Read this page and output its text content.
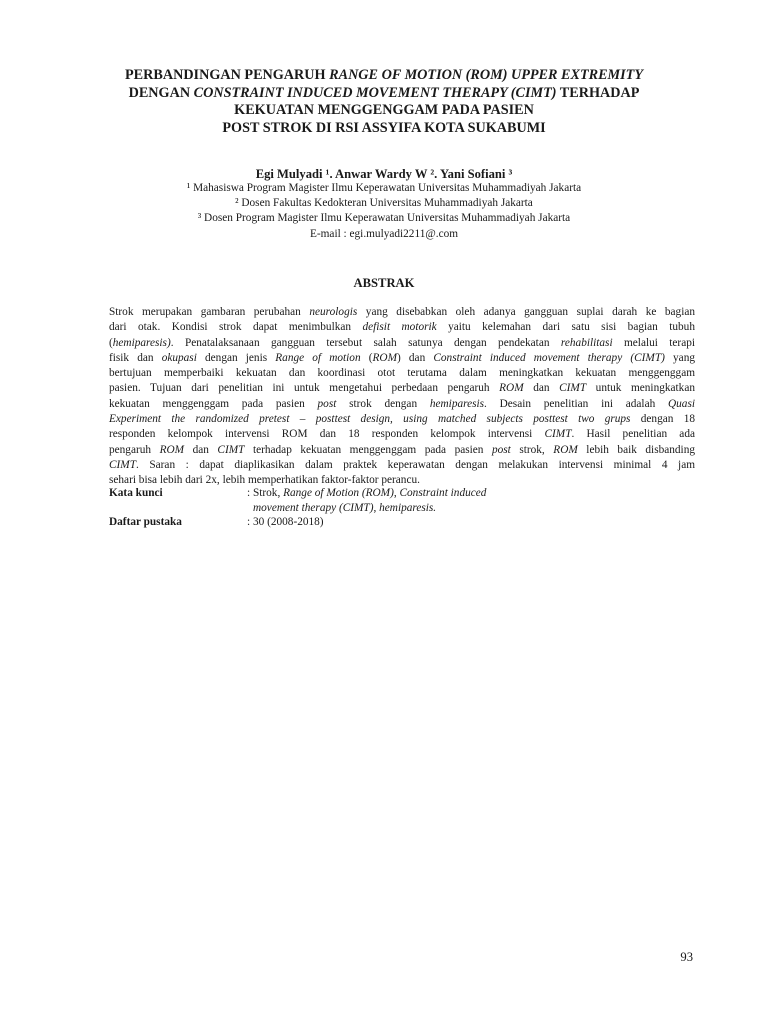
PERBANDINGAN PENGARUH RANGE OF MOTION (ROM) UPPER EXTREMITY
DENGAN CONSTRAINT INDUCED MOVEMENT THERAPY (CIMT) TERHADAP
KEKUATAN MENGGENGGAM PADA PASIEN
POST STROK DI RSI ASSYIFA KOTA SUKABUMI
Egi Mulyadi ¹. Anwar Wardy W ². Yani Sofiani ³
¹ Mahasiswa Program Magister Ilmu Keperawatan Universitas Muhammadiyah Jakarta
² Dosen Fakultas Kedokteran Universitas Muhammadiyah Jakarta
³ Dosen Program Magister Ilmu Keperawatan Universitas Muhammadiyah Jakarta
E-mail : egi.mulyadi2211@.com
ABSTRAK
Strok merupakan gambaran perubahan neurologis yang disebabkan oleh adanya gangguan suplai darah ke bagian
dari otak. Kondisi strok dapat menimbulkan defisit motorik yaitu kelemahan dari satu sisi bagian tubuh
(hemiparesis). Penatalaksanaan gangguan tersebut salah satunya dengan pendekatan rehabilitasi melalui terapi
fisik dan okupasi dengan jenis Range of motion (ROM) dan Constraint induced movement therapy (CIMT) yang
bertujuan memperbaiki kekuatan dan koordinasi otot terutama dalam meningkatkan kekuatan menggenggam
pasien. Tujuan dari penelitian ini untuk mengetahui perbedaan pengaruh ROM dan CIMT untuk meningkatkan
kekuatan menggenggam pada pasien post strok dengan hemiparesis. Desain penelitian ini adalah Quasi
Experiment the randomized pretest – posttest design, using matched subjects posttest two grups dengan 18
responden kelompok intervensi ROM dan 18 responden kelompok intervensi CIMT. Hasil penelitian ada
pengaruh ROM dan CIMT terhadap kekuatan menggenggam pada pasien post strok, ROM lebih baik disbanding
CIMT. Saran : dapat diaplikasikan dalam praktek keperawatan dengan melakukan intervensi minimal 4 jam
sehari bisa lebih dari 2x, lebih memperhatikan faktor-faktor perancu.
Kata kunci	: Strok, Range of Motion (ROM), Constraint induced
movement therapy (CIMT), hemiparesis.
Daftar pustaka	: 30 (2008-2018)
93
